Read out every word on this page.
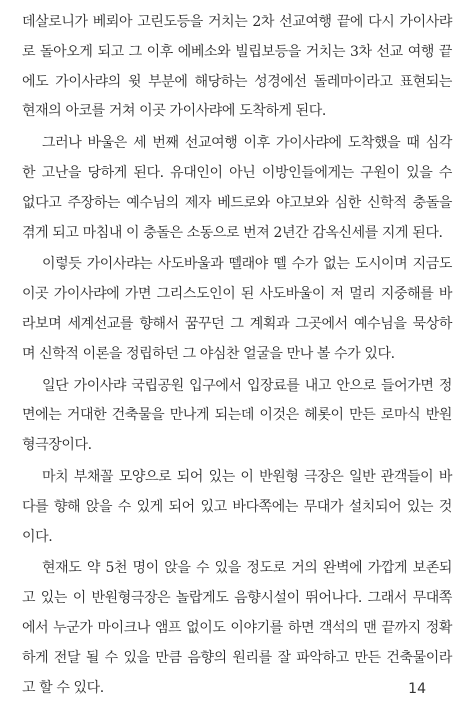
데살로니가 베뢰아 고린도등을 거치는 2차 선교여행 끝에 다시 가이사랴
로 돌아오게 되고 그 이후 에베소와 빌립보등을 거치는 3차 선교 여행 끝
에도 가이사랴의 윗 부분에 해당하는 성경에선 돌레마이라고 표현되는
현재의 아코를 거쳐 이곳 가이사랴에 도착하게 된다.
그러나 바울은 세 번째 선교여행 이후 가이사랴에 도착했을 때 심각
한 고난을 당하게 된다. 유대인이 아닌 이방인들에게는 구원이 있을 수
없다고 주장하는 예수님의 제자 베드로와 야고보와 심한 신학적 충돌을
겪게 되고 마침내 이 충돌은 소동으로 번져 2년간 감옥신세를 지게 된다.
이렇듯 가이사랴는 사도바울과 뗄래야 뗄 수가 없는 도시이며 지금도
이곳 가이사랴에 가면 그리스도인이 된 사도바울이 저 멀리 지중해를 바
라보며 세계선교를 향해서 꿈꾸던 그 계획과 그곳에서 예수님을 묵상하
며 신학적 이론을 정립하던 그 야심찬 얼굴을 만나 볼 수가 있다.
일단 가이사랴 국립공원 입구에서 입장료를 내고 안으로 들어가면 정
면에는 거대한 건축물을 만나게 되는데 이것은 헤롯이 만든 로마식 반원
형극장이다.
마치 부채꼴 모양으로 되어 있는 이 반원형 극장은 일반 관객들이 바
다를 향해 앉을 수 있게 되어 있고 바다쪽에는 무대가 설치되어 있는 것
이다.
현재도 약 5천 명이 앉을 수 있을 정도로 거의 완벽에 가깝게 보존되
고 있는 이 반원형극장은 놀랍게도 음향시설이 뛰어나다. 그래서 무대쪽
에서 누군가 마이크나 앰프 없이도 이야기를 하면 객석의 맨 끝까지 정확
하게 전달 될 수 있을 만큼 음향의 원리를 잘 파악하고 만든 건축물이라
고 할 수 있다.	14
